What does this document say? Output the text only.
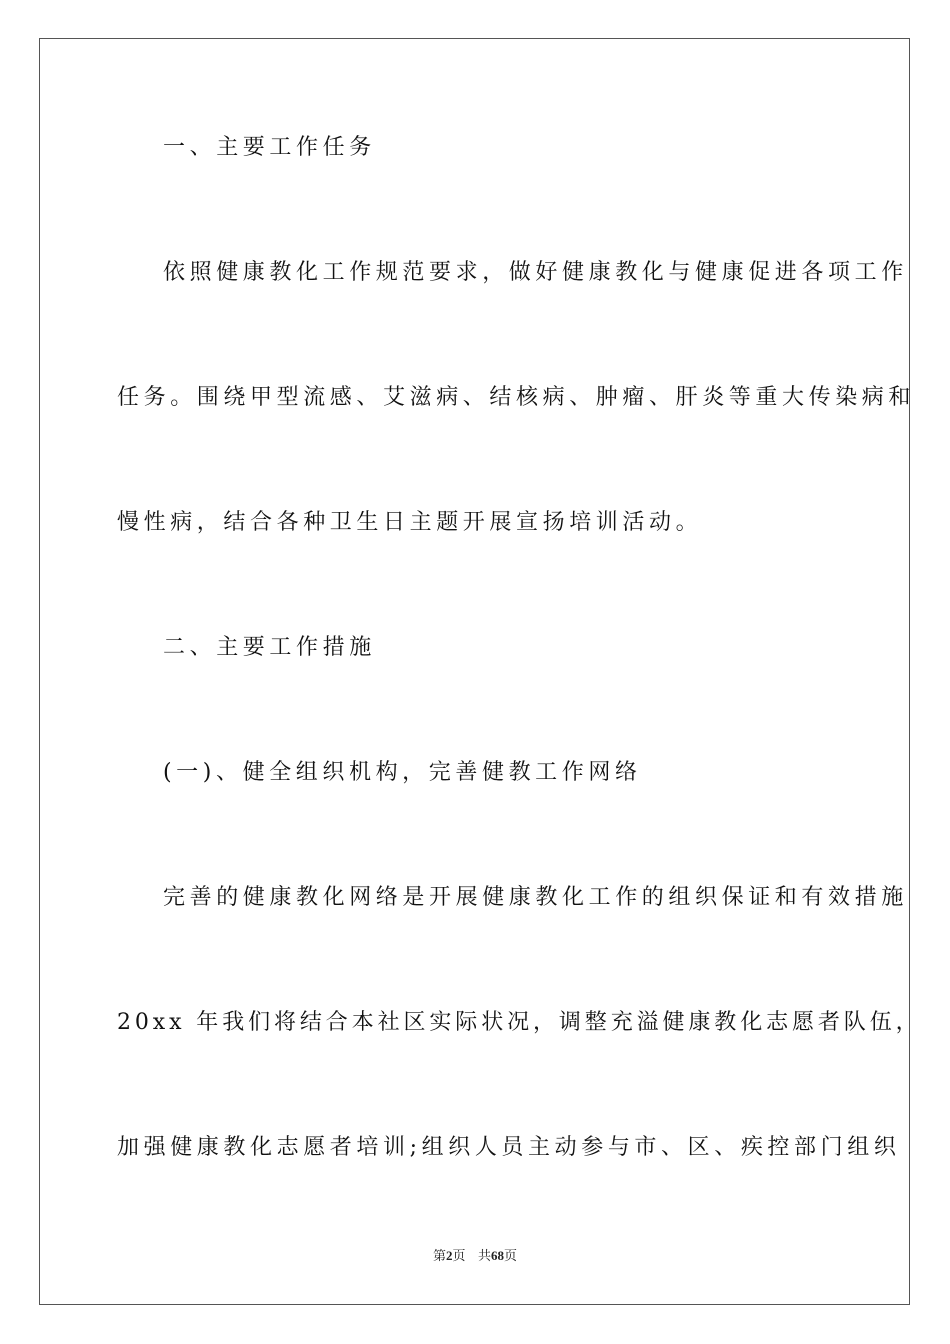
一、主要工作任务
依照健康教化工作规范要求，做好健康教化与健康促进各项工作
任务。围绕甲型流感、艾滋病、结核病、肿瘤、肝炎等重大传染病和
慢性病，结合各种卫生日主题开展宣扬培训活动。
二、主要工作措施
(一)、健全组织机构，完善健教工作网络
完善的健康教化网络是开展健康教化工作的组织保证和有效措施
20xx 年我们将结合本社区实际状况，调整充溢健康教化志愿者队伍，
加强健康教化志愿者培训;组织人员主动参与市、区、疾控部门组织
第2页 共68页
